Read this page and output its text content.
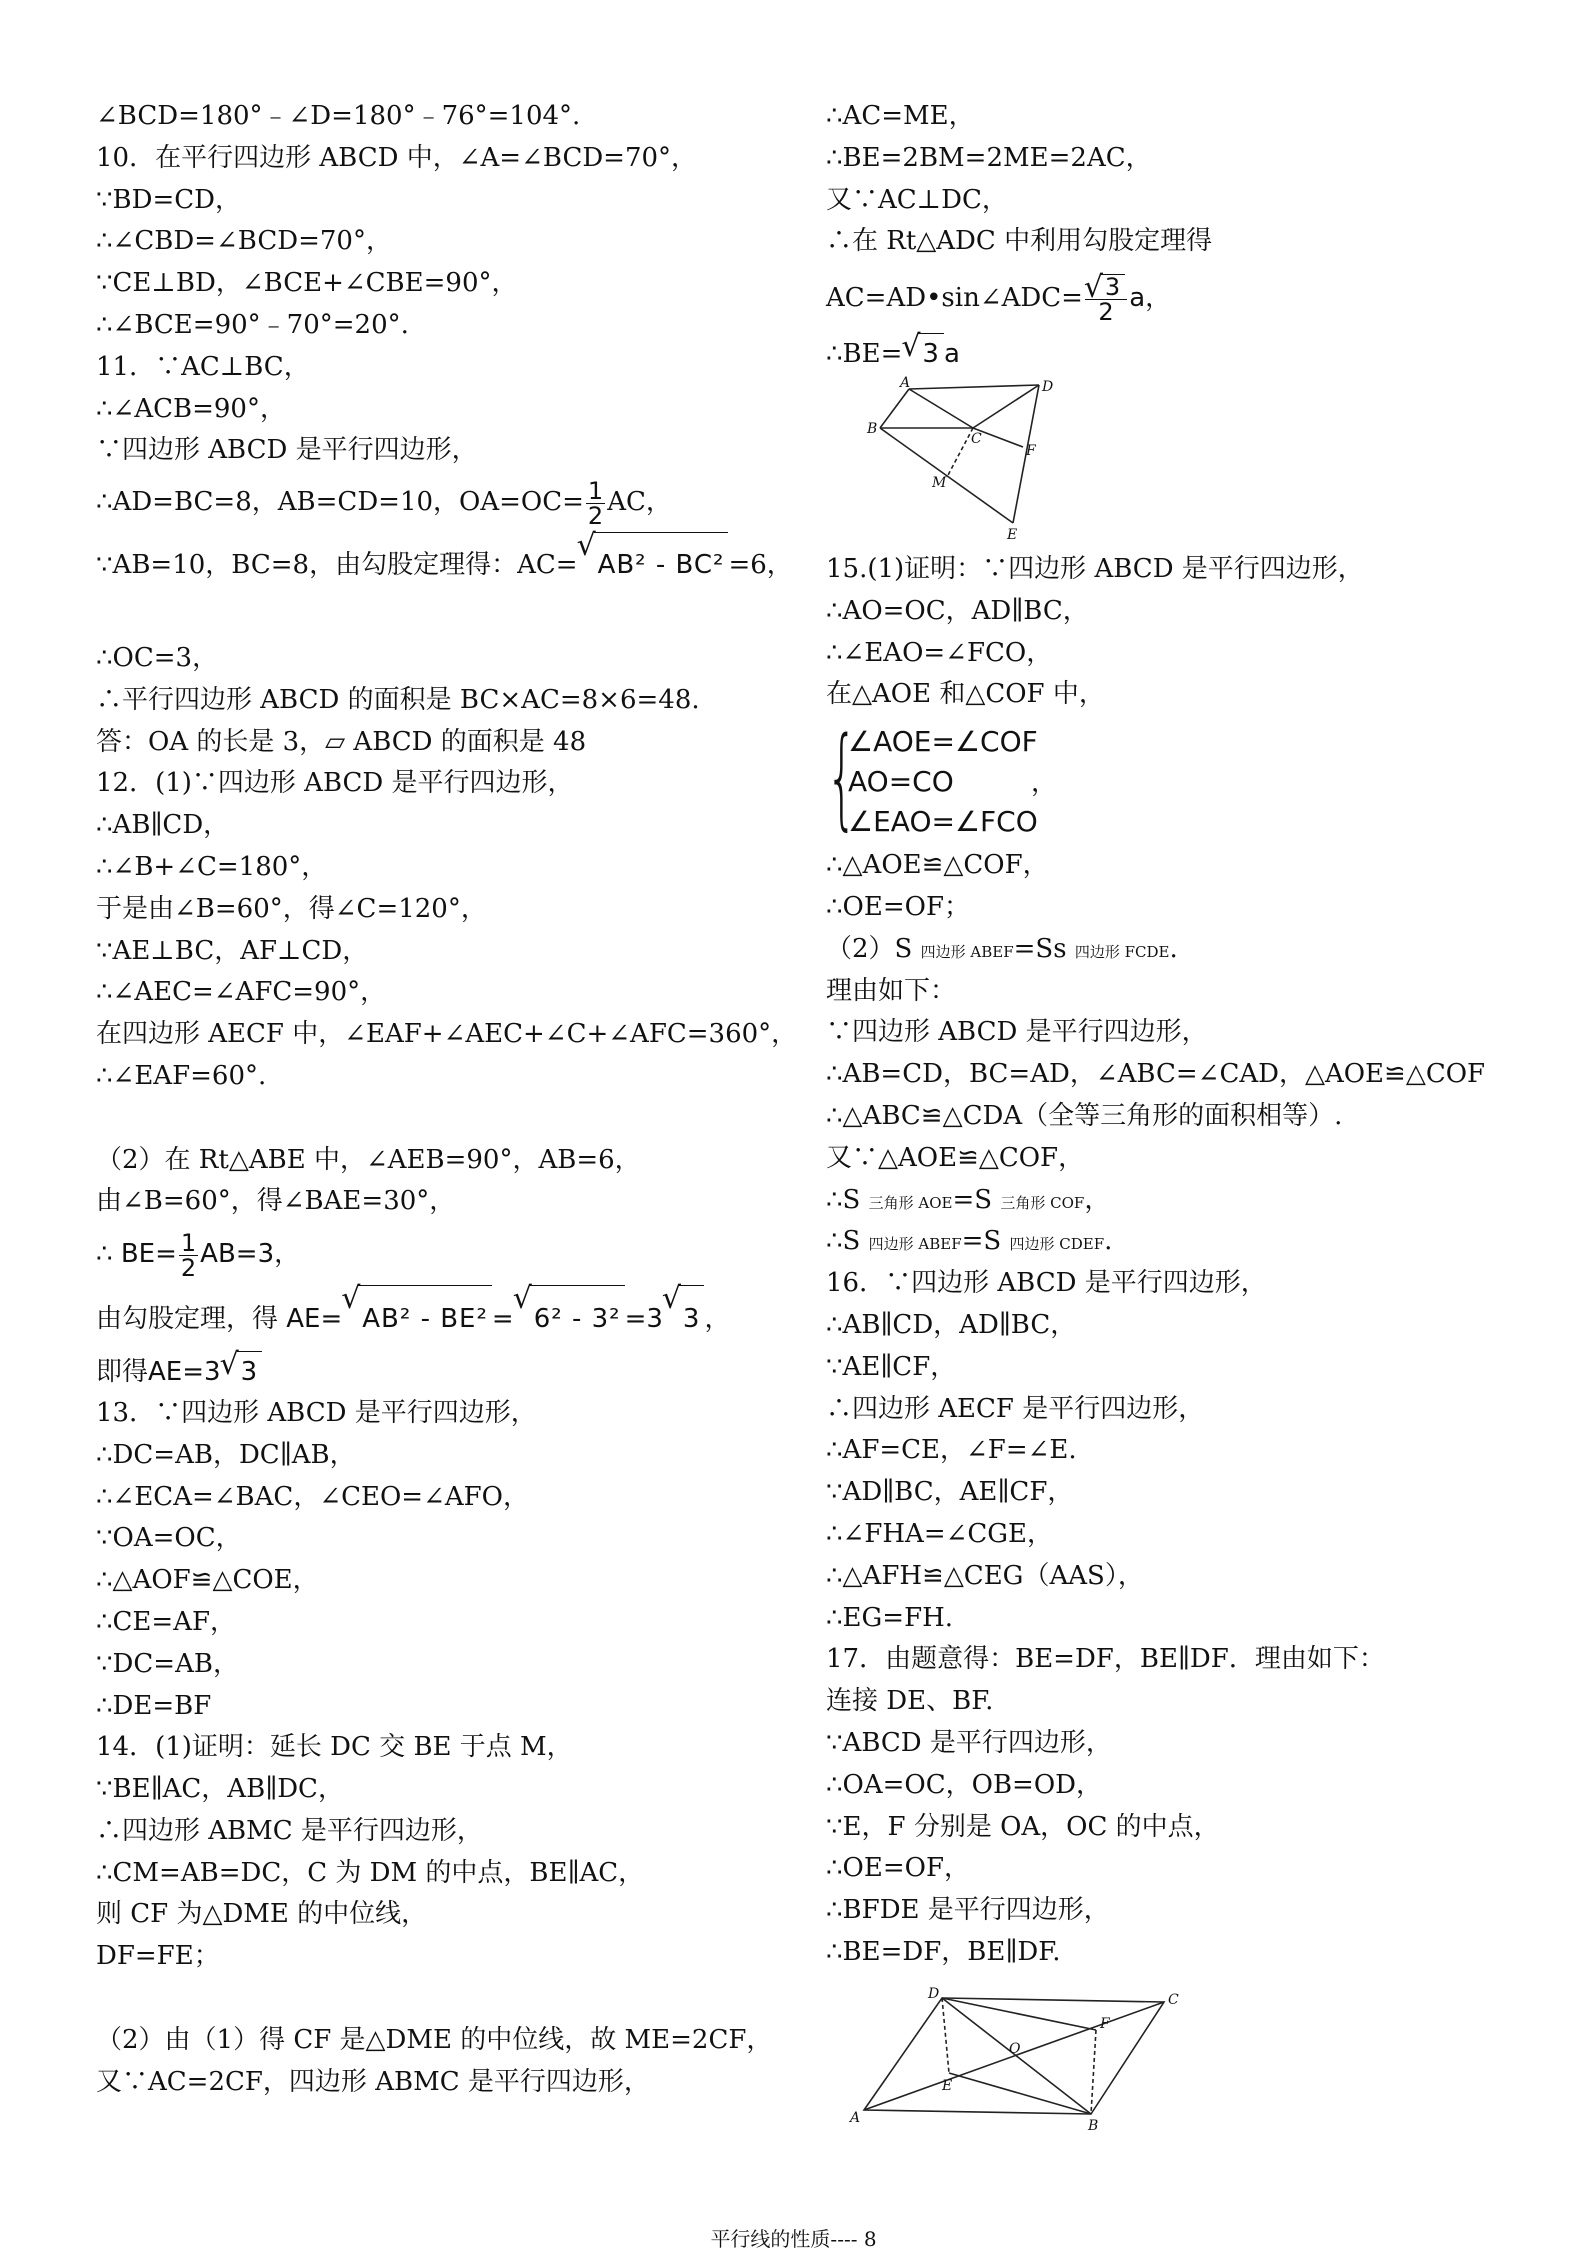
∠BCD=180°﹣∠D=180°﹣76°=104°.
10．在平行四边形 ABCD 中，∠A=∠BCD=70°，
∵BD=CD，
∴∠CBD=∠BCD=70°，
∵CE⊥BD，∠BCE+∠CBE=90°，
∴∠BCE=90°﹣70°=20°.
11．∵AC⊥BC，
∴∠ACB=90°，
∵四边形 ABCD 是平行四边形，
∴AD=BC=8，AB=CD=10，$OA=OC= \frac{1}{2}$ AC，
∵AB=10，BC=8，由勾股定理得：AC= √ AB² - BC² =6，
∴OC=3，
∴平行四边形 ABCD 的面积是 BC×AC=8×6=48.
答：OA 的长是 3，▱ ABCD 的面积是 48
12．(1)∵四边形 ABCD 是平行四边形，
∴AB∥CD，
∴∠B+∠C=180°，
于是由∠B=60°，得∠C=120°，
∵AE⊥BC，AF⊥CD，
∴∠AEC=∠AFC=90°，
在四边形 AECF 中，∠EAF+∠AEC+∠C+∠AFC=360°，
∴∠EAF=60°.
（2）在 Rt△ABE 中，∠AEB=90°，AB=6，
由∠B=60°，得∠BAE=30°，
∴ $BE= \frac{1}{2} AB=3$，
由勾股定理，得 AE= √ AB² - BE² = √ 6² - 3² =3 √ 3 ，
即得AE=3 √ 3
13．∵四边形 ABCD 是平行四边形，
∴DC=AB，DC∥AB，
∴∠ECA=∠BAC，∠CEO=∠AFO，
∵OA=OC，
∴△AOF≌△COE，
∴CE=AF，
∵DC=AB，
∴DE=BF
14．(1)证明：延长 DC 交 BE 于点 M，
∵BE∥AC，AB∥DC，
∴四边形 ABMC 是平行四边形，
∴CM=AB=DC，C 为 DM 的中点，BE∥AC，
则 CF 为△DME 的中位线，
DF=FE；
（2）由（1）得 CF 是△DME 的中位线，故 ME=2CF，
又∵AC=2CF，四边形 ABMC 是平行四边形，
∴AC=ME，
∴BE=2BM=2ME=2AC，
又∵AC⊥DC，
∴在 Rt△ADC 中利用勾股定理得
AC=AD•sin∠ADC= √ $\frac{3}{2}$ a，
∴BE= √ 3 a
A
B
C
D
E
F
M
15.(1)证明：∵四边形 ABCD 是平行四边形，
∴AO=OC，AD∥BC，
∴∠EAO=∠FCO，
在△AOE 和△COF 中，
{
∠AOE=∠COF
AO=CO
∠EAO=∠FCO
，
∴△AOE≌△COF，
∴OE=OF；
（2）S 四边形 ABEF=Ss 四边形 FCDE.
理由如下：
∵四边形 ABCD 是平行四边形，
∴AB=CD，BC=AD，∠ABC=∠CAD，△AOE≌△COF
∴△ABC≌△CDA（全等三角形的面积相等）.
又∵△AOE≌△COF，
∴S 三角形 AOE=S 三角形 COF，
∴S 四边形 ABEF=S 四边形 CDEF.
16．∵四边形 ABCD 是平行四边形，
∴AB∥CD，AD∥BC，
∵AE∥CF，
∴四边形 AECF 是平行四边形，
∴AF=CE，∠F=∠E.
∵AD∥BC，AE∥CF，
∴∠FHA=∠CGE，
∴△AFH≌△CEG（AAS），
∴EG=FH.
17．由题意得：BE=DF，BE∥DF．理由如下：
连接 DE、BF.
∵ABCD 是平行四边形，
∴OA=OC，OB=OD，
∵E，F 分别是 OA，OC 的中点，
∴OE=OF，
∴BFDE 是平行四边形，
∴BE=DF，BE∥DF.
D	C
A	B
O
E
F
平行线的性质---- 8
